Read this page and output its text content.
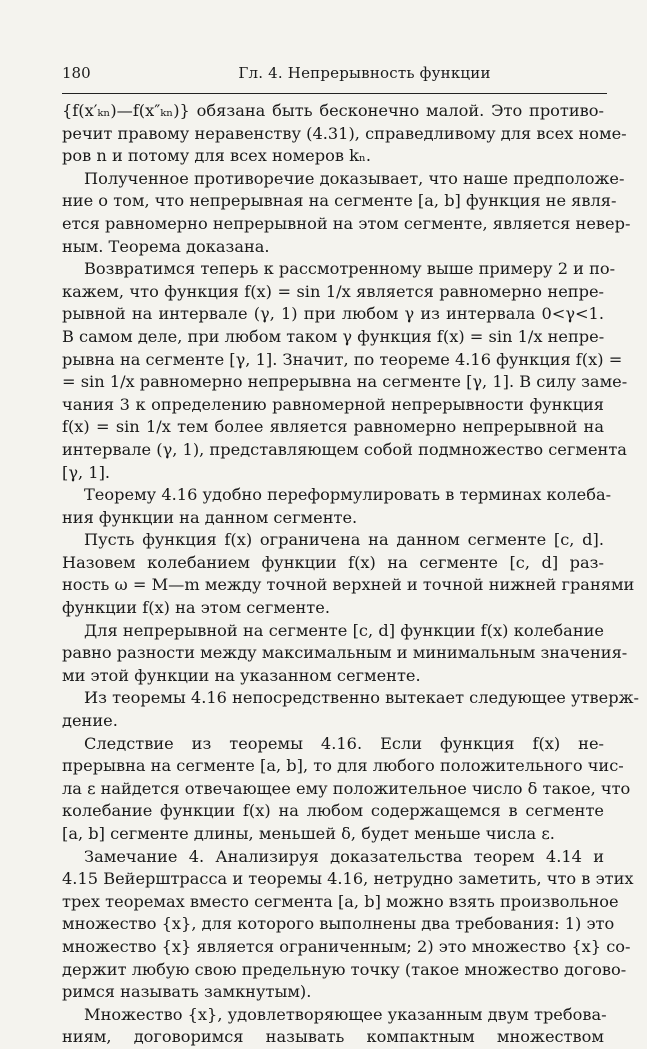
180	Гл. 4. Непрерывность функции
{f(x′ₖₙ)—f(x″ₖₙ)} обязана быть бесконечно малой. Это противо-
речит правому неравенству (4.31), справедливому для всех номе-
ров n и потому для всех номеров kₙ.
Полученное противоречие доказывает, что наше предположе-
ние о том, что непрерывная на сегменте [a, b] функция не явля-
ется равномерно непрерывной на этом сегменте, является невер-
ным. Теорема доказана.
Возвратимся теперь к рассмотренному выше примеру 2 и по-
кажем, что функция f(x) = sin 1/x является равномерно непре-
рывной на интервале (γ, 1) при любом γ из интервала 0<γ<1.
В самом деле, при любом таком γ функция f(x) = sin 1/x непре-
рывна на сегменте [γ, 1]. Значит, по теореме 4.16 функция f(x) =
= sin 1/x равномерно непрерывна на сегменте [γ, 1]. В силу заме-
чания 3 к определению равномерной непрерывности функция
f(x) = sin 1/x тем более является равномерно непрерывной на
интервале (γ, 1), представляющем собой подмножество сегмента
[γ, 1].
Теорему 4.16 удобно переформулировать в терминах колеба-
ния функции на данном сегменте.
Пусть функция f(x) ограничена на данном сегменте [c, d].
Назовем колебанием функции f(x) на сегменте [c, d] раз-
ность ω = M—m между точной верхней и точной нижней гранями
функции f(x) на этом сегменте.
Для непрерывной на сегменте [c, d] функции f(x) колебание
равно разности между максимальным и минимальным значения-
ми этой функции на указанном сегменте.
Из теоремы 4.16 непосредственно вытекает следующее утверж-
дение.
Следствие из теоремы 4.16. Если функция f(x) не-
прерывна на сегменте [a, b], то для любого положительного чис-
ла ε найдется отвечающее ему положительное число δ такое, что
колебание функции f(x) на любом содержащемся в сегменте
[a, b] сегменте длины, меньшей δ, будет меньше числа ε.
Замечание 4. Анализируя доказательства теорем 4.14 и
4.15 Вейерштрасса и теоремы 4.16, нетрудно заметить, что в этих
трех теоремах вместо сегмента [a, b] можно взять произвольное
множество {x}, для которого выполнены два требования: 1) это
множество {x} является ограниченным; 2) это множество {x} со-
держит любую свою предельную точку (такое множество догово-
римся называть замкнутым).
Множество {x}, удовлетворяющее указанным двум требова-
ниям, договоримся называть компактным множеством
